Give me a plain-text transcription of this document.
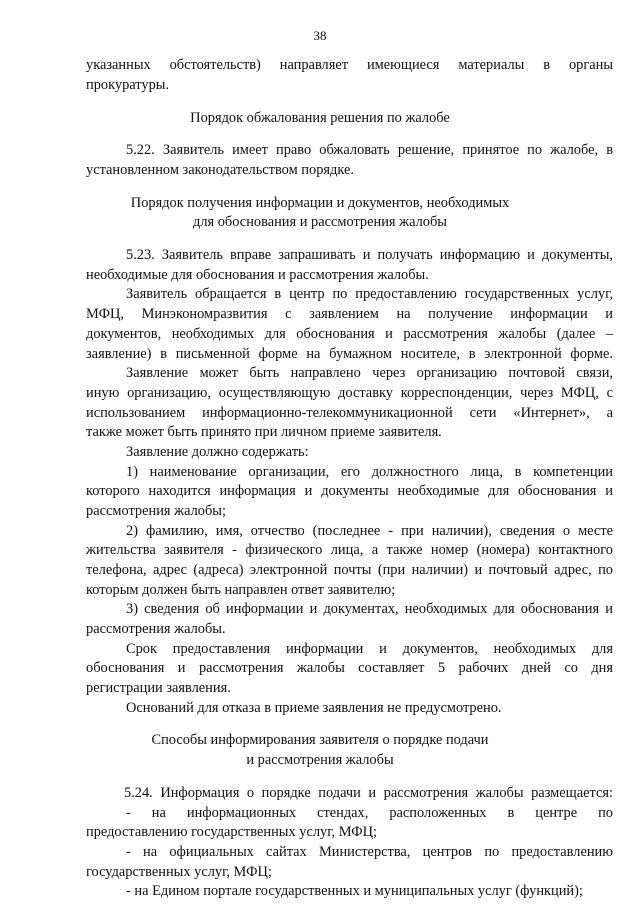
38
указанных обстоятельств) направляет имеющиеся материалы в органы
прокуратуры.
Порядок обжалования решения по жалобе
5.22. Заявитель имеет право обжаловать решение, принятое по жалобе, в
установленном законодательством порядке.
Порядок получения информации и документов, необходимых
для обоснования и рассмотрения жалобы
5.23. Заявитель вправе запрашивать и получать информацию и документы,
необходимые для обоснования и рассмотрения жалобы.
Заявитель обращается в центр по предоставлению государственных услуг,
МФЦ, Минэкономразвития с заявлением на получение информации и
документов, необходимых для обоснования и рассмотрения жалобы (далее –
заявление) в письменной форме на бумажном носителе, в электронной форме.
Заявление может быть направлено через организацию почтовой связи,
иную организацию, осуществляющую доставку корреспонденции, через МФЦ, с
использованием информационно-телекоммуникационной сети «Интернет», а
также может быть принято при личном приеме заявителя.
Заявление должно содержать:
1) наименование организации, его должностного лица, в компетенции
которого находится информация и документы необходимые для обоснования и
рассмотрения жалобы;
2) фамилию, имя, отчество (последнее - при наличии), сведения о месте
жительства заявителя - физического лица, а также номер (номера) контактного
телефона, адрес (адреса) электронной почты (при наличии) и почтовый адрес, по
которым должен быть направлен ответ заявителю;
3) сведения об информации и документах, необходимых для обоснования и
рассмотрения жалобы.
Срок предоставления информации и документов, необходимых для
обоснования и рассмотрения жалобы составляет 5 рабочих дней со дня
регистрации заявления.
Оснований для отказа в приеме заявления не предусмотрено.
Способы информирования заявителя о порядке подачи
и рассмотрения жалобы
5.24. Информация о порядке подачи и рассмотрения жалобы размещается:
- на информационных стендах, расположенных в центре по
предоставлению государственных услуг, МФЦ;
- на официальных сайтах Министерства, центров по предоставлению
государственных услуг, МФЦ;
- на Едином портале государственных и муниципальных услуг (функций);
